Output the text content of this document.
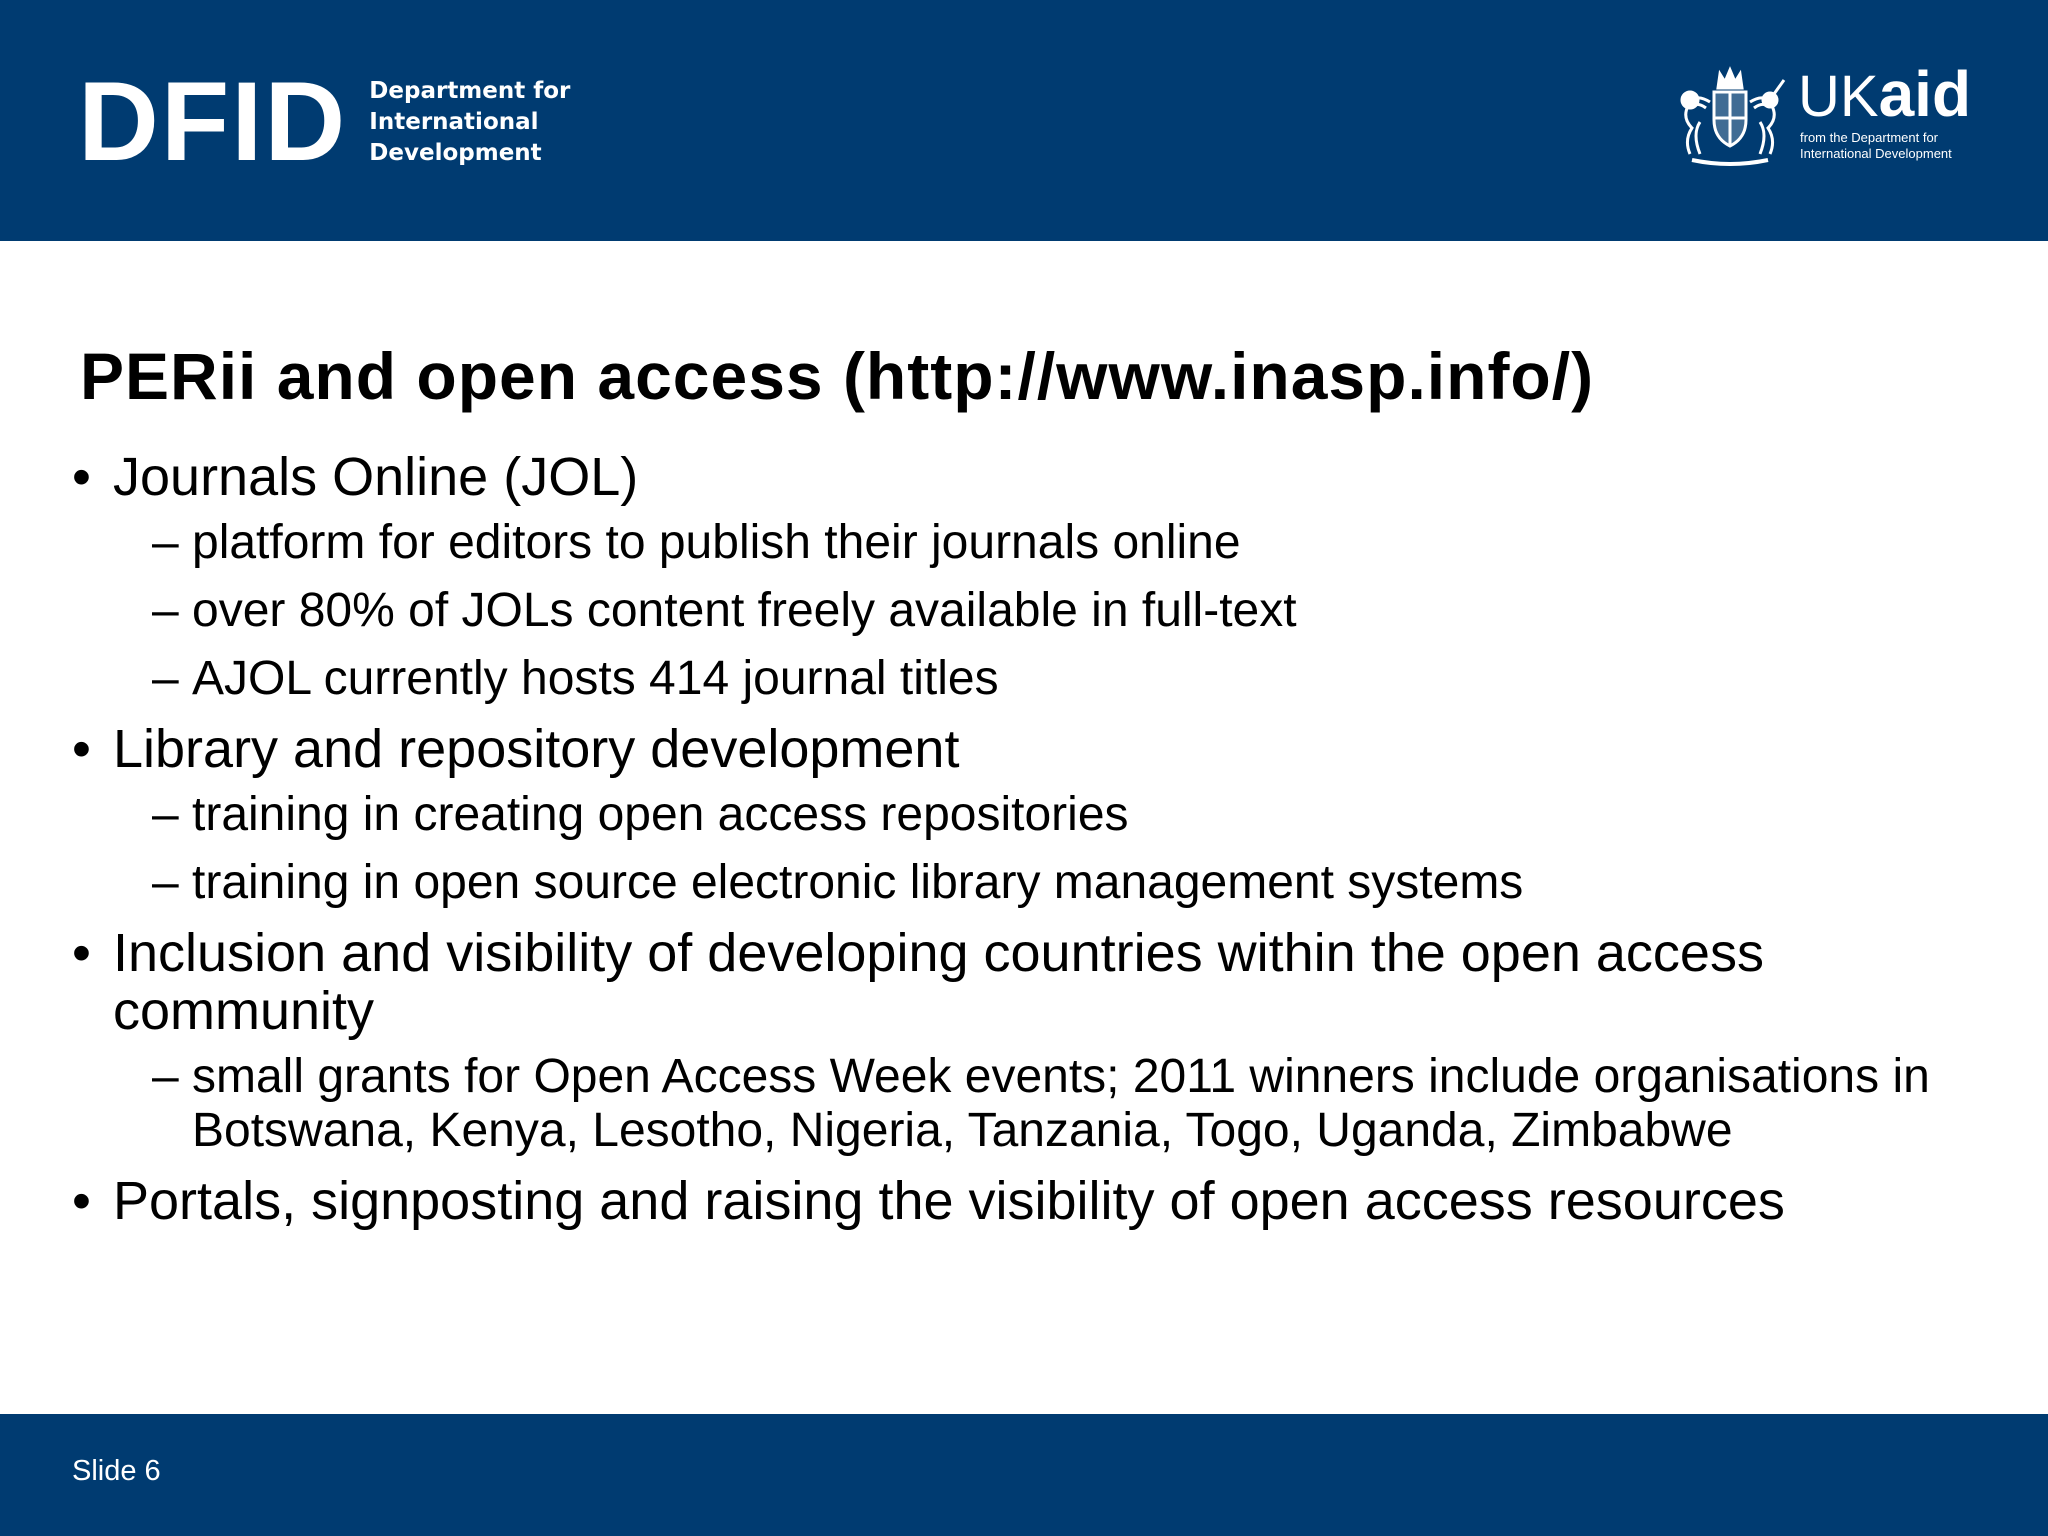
DFID Department for
International
Development
UKaid
from the Department for
International Development
PERii and open access (http://www.inasp.info/)
• Journals Online (JOL)
– platform for editors to publish their journals online
– over 80% of JOLs content freely available in full-text
– AJOL currently hosts 414 journal titles
• Library and repository development
– training in creating open access repositories
– training in open source electronic library management systems
• Inclusion and visibility of developing countries within the open access community
– small grants for Open Access Week events; 2011 winners include organisations in Botswana, Kenya, Lesotho, Nigeria, Tanzania, Togo, Uganda, Zimbabwe
• Portals, signposting and raising the visibility of open access resources
Slide 6
